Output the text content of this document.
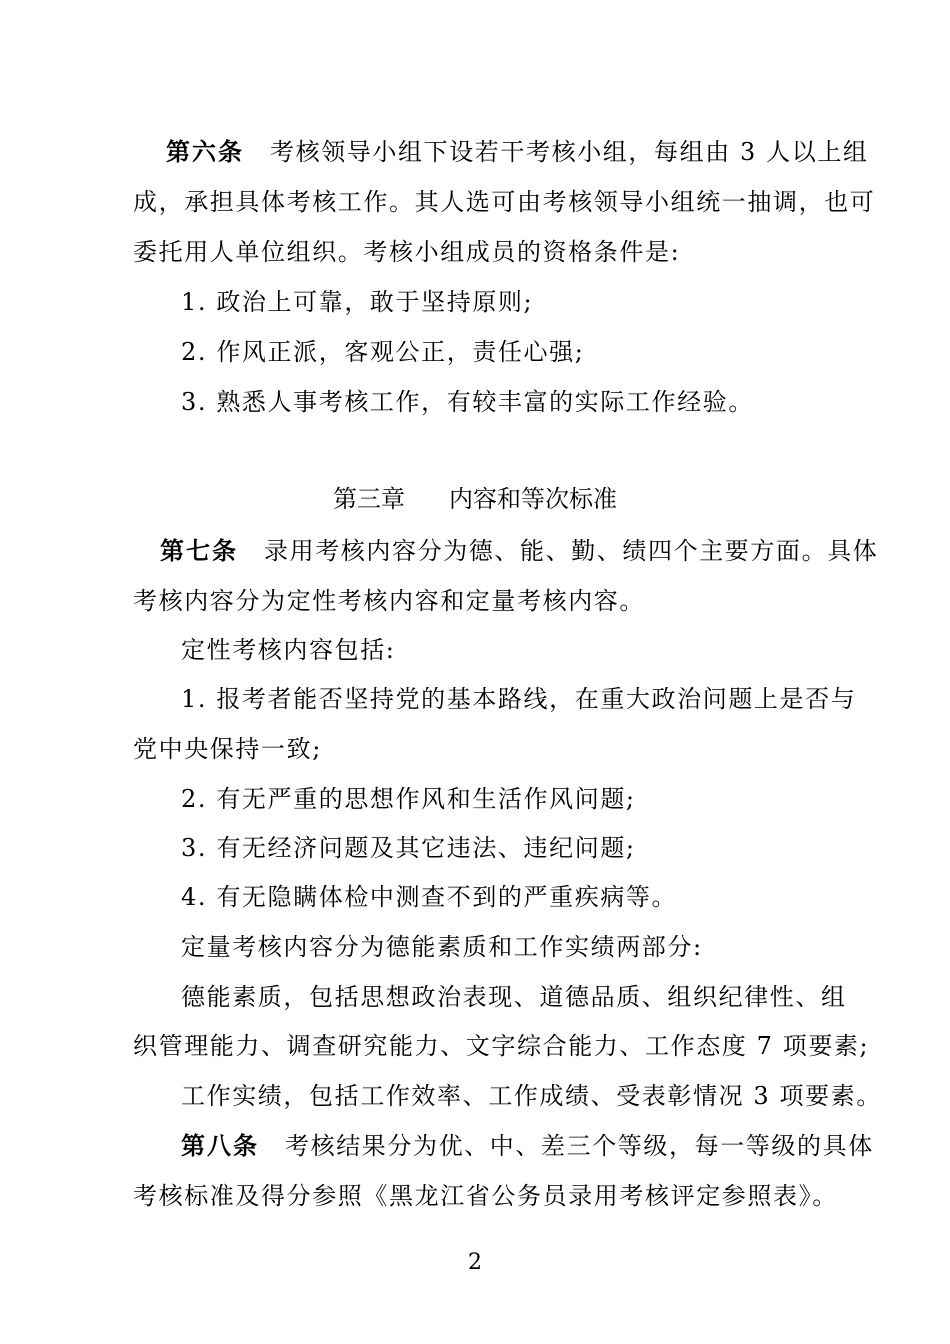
第六条 考核领导小组下设若干考核小组，每组由 3 人以上组
成，承担具体考核工作。其人选可由考核领导小组统一抽调，也可
委托用人单位组织。考核小组成员的资格条件是:
1. 政治上可靠，敢于坚持原则;
2. 作风正派，客观公正，责任心强;
3. 熟悉人事考核工作，有较丰富的实际工作经验。
第三章 内容和等次标准
第七条 录用考核内容分为德、能、勤、绩四个主要方面。具体
考核内容分为定性考核内容和定量考核内容。
定性考核内容包括:
1. 报考者能否坚持党的基本路线，在重大政治问题上是否与
党中央保持一致;
2. 有无严重的思想作风和生活作风问题;
3. 有无经济问题及其它违法、违纪问题;
4. 有无隐瞒体检中测查不到的严重疾病等。
定量考核内容分为德能素质和工作实绩两部分:
德能素质，包括思想政治表现、道德品质、组织纪律性、组
织管理能力、调查研究能力、文字综合能力、工作态度 7 项要素;
工作实绩，包括工作效率、工作成绩、受表彰情况 3 项要素。
第八条 考核结果分为优、中、差三个等级，每一等级的具体
考核标准及得分参照《黑龙江省公务员录用考核评定参照表》。
2
